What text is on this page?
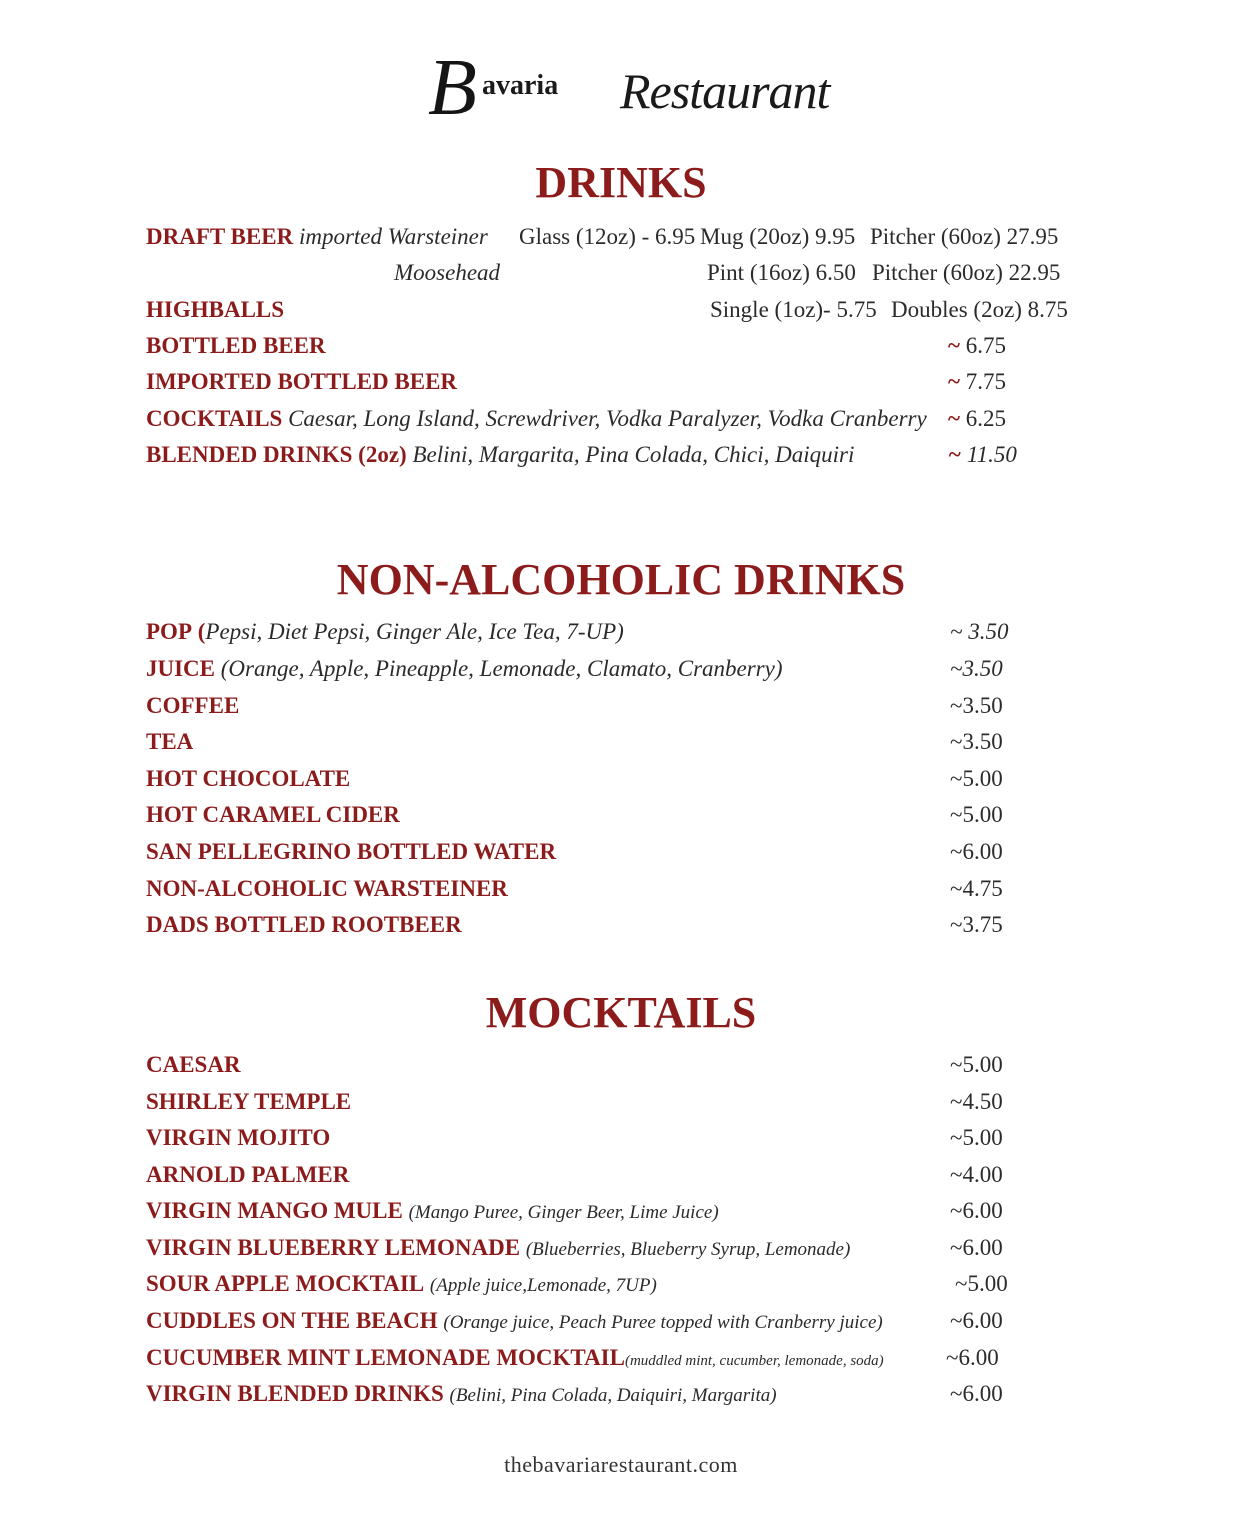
B avaria Restaurant
DRINKS
DRAFT BEER imported Warsteiner Glass (12oz) - 6.95 Mug (20oz) 9.95 Pitcher (60oz) 27.95
Moosehead	Pint (16oz) 6.50 Pitcher (60oz) 22.95
HIGHBALLS	Single (1oz)- 5.75 Doubles (2oz) 8.75
BOTTLED BEER	~ 6.75
IMPORTED BOTTLED BEER	~ 7.75
COCKTAILS Caesar, Long Island, Screwdriver, Vodka Paralyzer, Vodka Cranberry ~ 6.25
BLENDED DRINKS (2oz) Belini, Margarita, Pina Colada, Chici, Daiquiri	~ 11.50
NON-ALCOHOLIC DRINKS
POP (Pepsi, Diet Pepsi, Ginger Ale, Ice Tea, 7-UP)	~ 3.50
JUICE (Orange, Apple, Pineapple, Lemonade, Clamato, Cranberry)	~3.50
COFFEE	~3.50
TEA	~3.50
HOT CHOCOLATE	~5.00
HOT CARAMEL CIDER	~5.00
SAN PELLEGRINO BOTTLED WATER	~6.00
NON-ALCOHOLIC WARSTEINER	~4.75
DADS BOTTLED ROOTBEER	~3.75
MOCKTAILS
CAESAR	~5.00
SHIRLEY TEMPLE	~4.50
VIRGIN MOJITO	~5.00
ARNOLD PALMER	~4.00
VIRGIN MANGO MULE (Mango Puree, Ginger Beer, Lime Juice)	~6.00
VIRGIN BLUEBERRY LEMONADE (Blueberries, Blueberry Syrup, Lemonade)	~6.00
SOUR APPLE MOCKTAIL (Apple juice,Lemonade, 7UP)	~5.00
CUDDLES ON THE BEACH (Orange juice, Peach Puree topped with Cranberry juice)	~6.00
CUCUMBER MINT LEMONADE MOCKTAIL(muddled mint, cucumber, lemonade, soda)	~6.00
VIRGIN BLENDED DRINKS (Belini, Pina Colada, Daiquiri, Margarita)	~6.00
thebavariarestaurant.com
